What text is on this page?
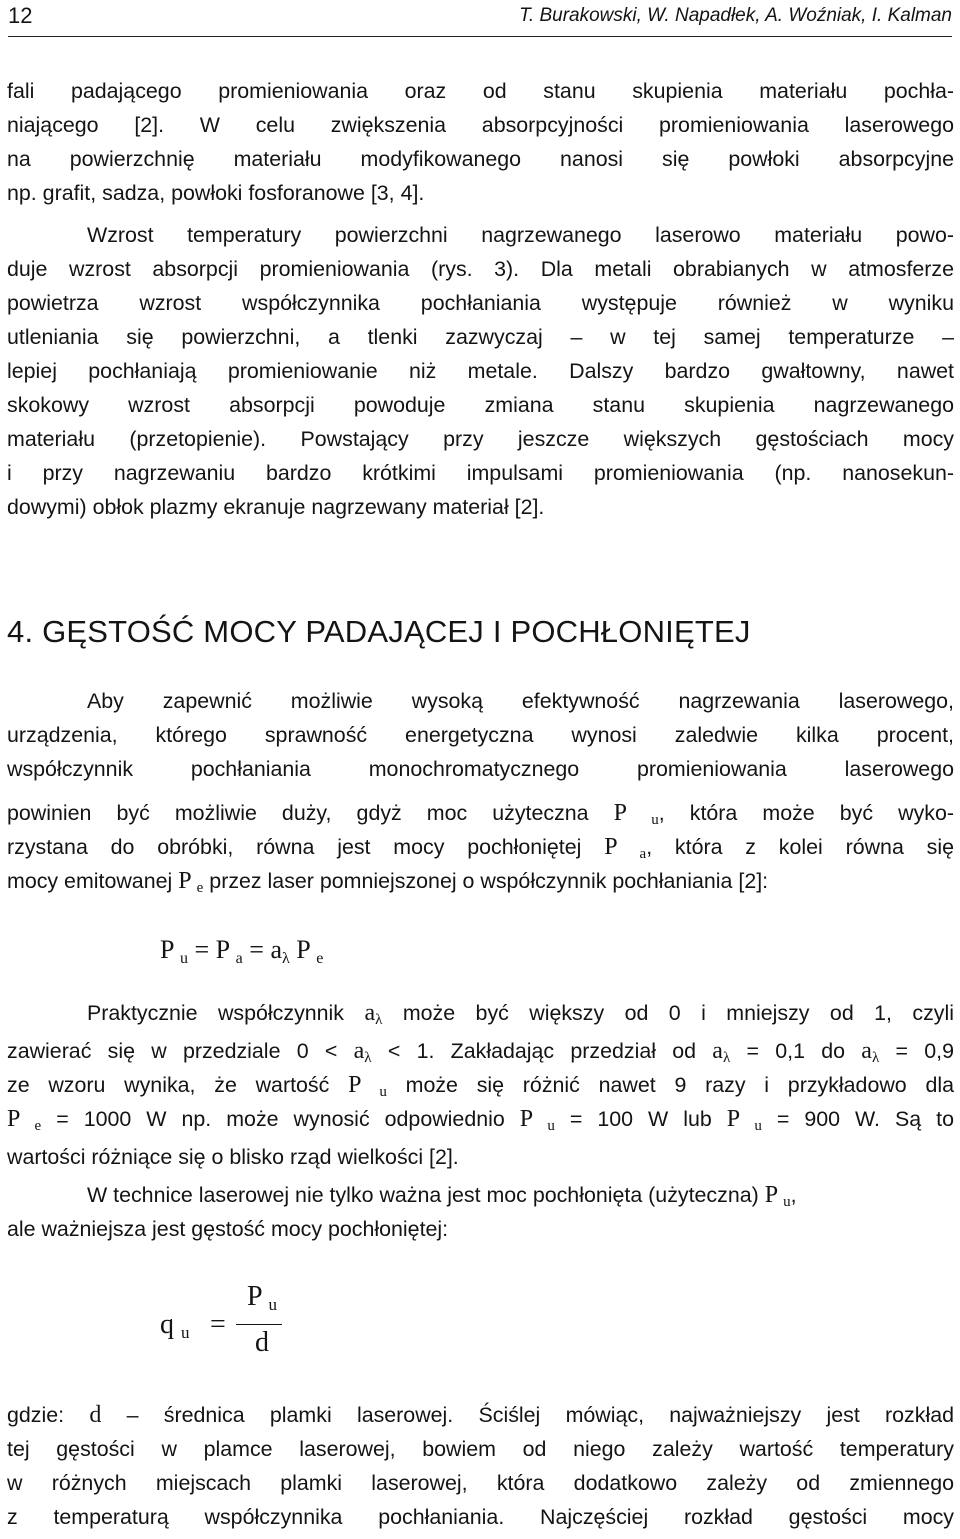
12	T. Burakowski, W. Napadłek, A. Woźniak, I. Kalman
fali padającego promieniowania oraz od stanu skupienia materiału pochła-
niającego [2]. W celu zwiększenia absorpcyjności promieniowania laserowego
na powierzchnię materiału modyfikowanego nanosi się powłoki absorpcyjne
np. grafit, sadza, powłoki fosforanowe [3, 4].
Wzrost temperatury powierzchni nagrzewanego laserowo materiału powo-
duje wzrost absorpcji promieniowania (rys. 3). Dla metali obrabianych w atmosferze
powietrza wzrost współczynnika pochłaniania występuje również w wyniku
utleniania się powierzchni, a tlenki zazwyczaj – w tej samej temperaturze –
lepiej pochłaniają promieniowanie niż metale. Dalszy bardzo gwałtowny, nawet
skokowy wzrost absorpcji powoduje zmiana stanu skupienia nagrzewanego
materiału (przetopienie). Powstający przy jeszcze większych gęstościach mocy
i przy nagrzewaniu bardzo krótkimi impulsami promieniowania (np. nanosekun-
dowymi) obłok plazmy ekranuje nagrzewany materiał [2].
4. GĘSTOŚĆ MOCY PADAJĄCEJ I POCHŁONIĘTEJ
Aby zapewnić możliwie wysoką efektywność nagrzewania laserowego,
urządzenia, którego sprawność energetyczna wynosi zaledwie kilka procent,
współczynnik pochłaniania monochromatycznego promieniowania laserowego
powinien być możliwie duży, gdyż moc użyteczna P $_u$, która może być wyko-
rzystana do obróbki, równa jest mocy pochłoniętej P $_a$, która z kolei równa się
mocy emitowanej P $_e$ przez laser pomniejszonej o współczynnik pochłaniania [2]:
P $_u$ = P $_a = a_\lambda$ P $_e$
Praktycznie współczynnik $a_\lambda$ może być większy od 0 i mniejszy od 1, czyli
zawierać się w przedziale $0 < a_\lambda < 1$. Zakładając przedział od $a_\lambda = 0,1$ do $a_\lambda = 0,9$
ze wzoru wynika, że wartość P $_u$ może się różnić nawet 9 razy i przykładowo dla
P $_e$ = 1000 W np. może wynosić odpowiednio P $_u$ = 100 W lub P $_u$ = 900 W. Są to
wartości różniące się o blisko rząd wielkości [2].
W technice laserowej nie tylko ważna jest moc pochłonięta (użyteczna) P $_u$,
ale ważniejsza jest gęstość mocy pochłoniętej:
q $_u$ =
P $_u$
d
gdzie: d – średnica plamki laserowej. Ściślej mówiąc, najważniejszy jest rozkład
tej gęstości w plamce laserowej, bowiem od niego zależy wartość temperatury
w różnych miejscach plamki laserowej, która dodatkowo zależy od zmiennego
z temperaturą współczynnika pochłaniania. Najczęściej rozkład gęstości mocy
